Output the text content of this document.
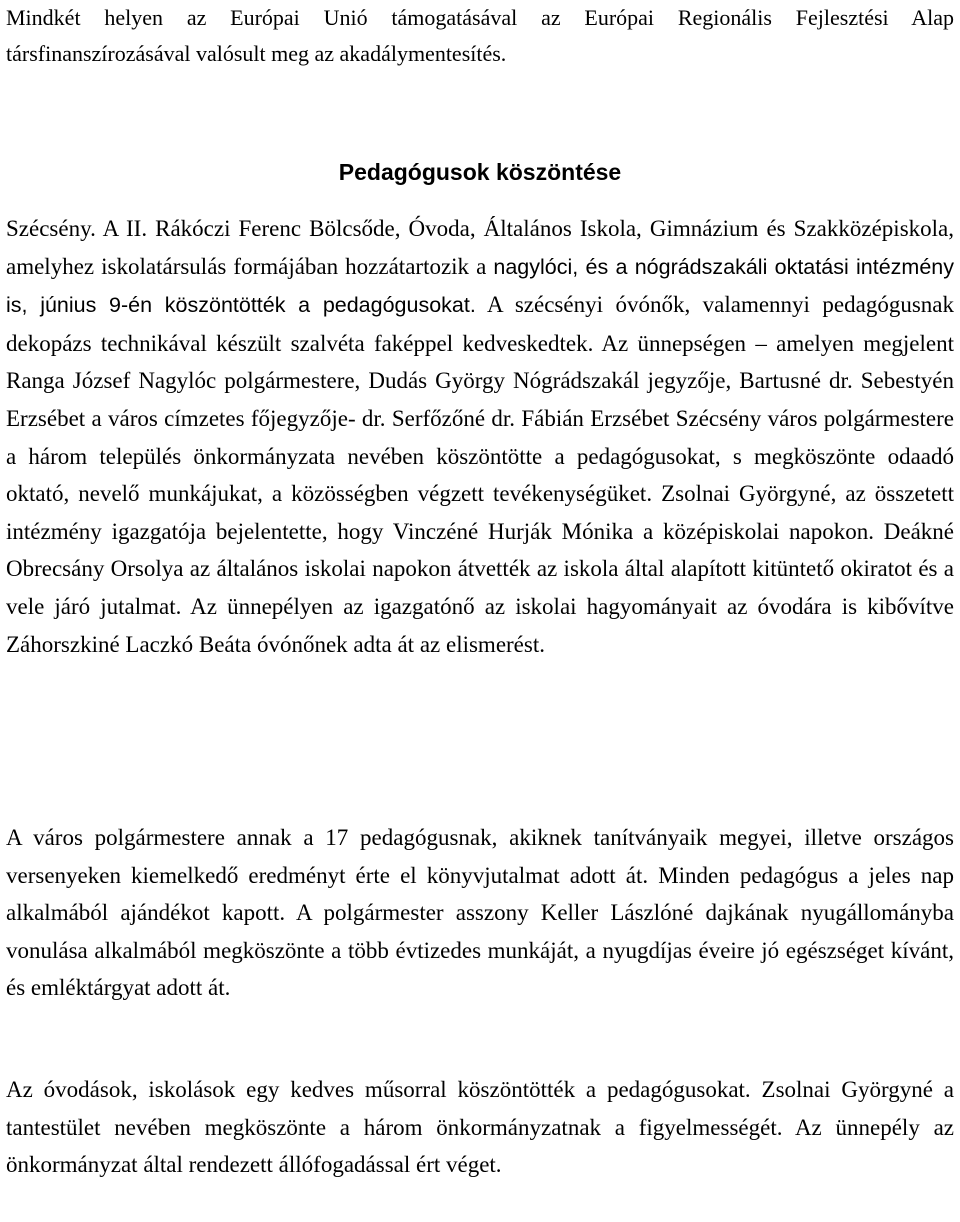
Mindkét helyen az Európai Unió támogatásával az Európai Regionális Fejlesztési Alap társfinanszírozásával valósult meg az akadálymentesítés.

Pedagógusok köszöntése

Szécsény. A II. Rákóczi Ferenc Bölcsőde, Óvoda, Általános Iskola, Gimnázium és Szakközépiskola, amelyhez iskolatársulás formájában hozzátartozik a nagylóci, és a nógrádszakáli oktatási intézmény is, június 9-én köszöntötték a pedagógusokat. A szécsényi óvónők, valamennyi pedagógusnak dekopázs technikával készült szalvéta faképpel kedveskedtek. Az ünnepségen – amelyen megjelent Ranga József Nagylóc polgármestere, Dudás György Nógrádszakál jegyzője, Bartusné dr. Sebestyén Erzsébet a város címzetes főjegyzője- dr. Serfőzőné dr. Fábián Erzsébet Szécsény város polgármestere a három település önkormányzata nevében köszöntötte a pedagógusokat, s megköszönte odaadó oktató, nevelő munkájukat, a közösségben végzett tevékenységüket. Zsolnai Györgyné, az összetett intézmény igazgatója bejelentette, hogy Vinczéné Hurják Mónika a középiskolai napokon. Deákné Obrecsány Orsolya az általános iskolai napokon átvették az iskola által alapított kitüntető okiratot és a vele járó jutalmat. Az ünnepélyen az igazgatónő az iskolai hagyományait az óvodára is kibővítve Záhorszkiné Laczkó Beáta óvónőnek adta át az elismerést.

A város polgármestere annak a 17 pedagógusnak, akiknek tanítványaik megyei, illetve országos versenyeken kiemelkedő eredményt érte el könyvjutalmat adott át. Minden pedagógus a jeles nap alkalmából ajándékot kapott. A polgármester asszony Keller Lászlóné dajkának nyugállományba vonulása alkalmából megköszönte a több évtizedes munkáját, a nyugdíjas éveire jó egészséget kívánt, és emléktárgyat adott át.

Az óvodások, iskolások egy kedves műsorral köszöntötték a pedagógusokat. Zsolnai Györgyné a tantestület nevében megköszönte a három önkormányzatnak a figyelmességét. Az ünnepély az önkormányzat által rendezett állófogadással ért véget.
